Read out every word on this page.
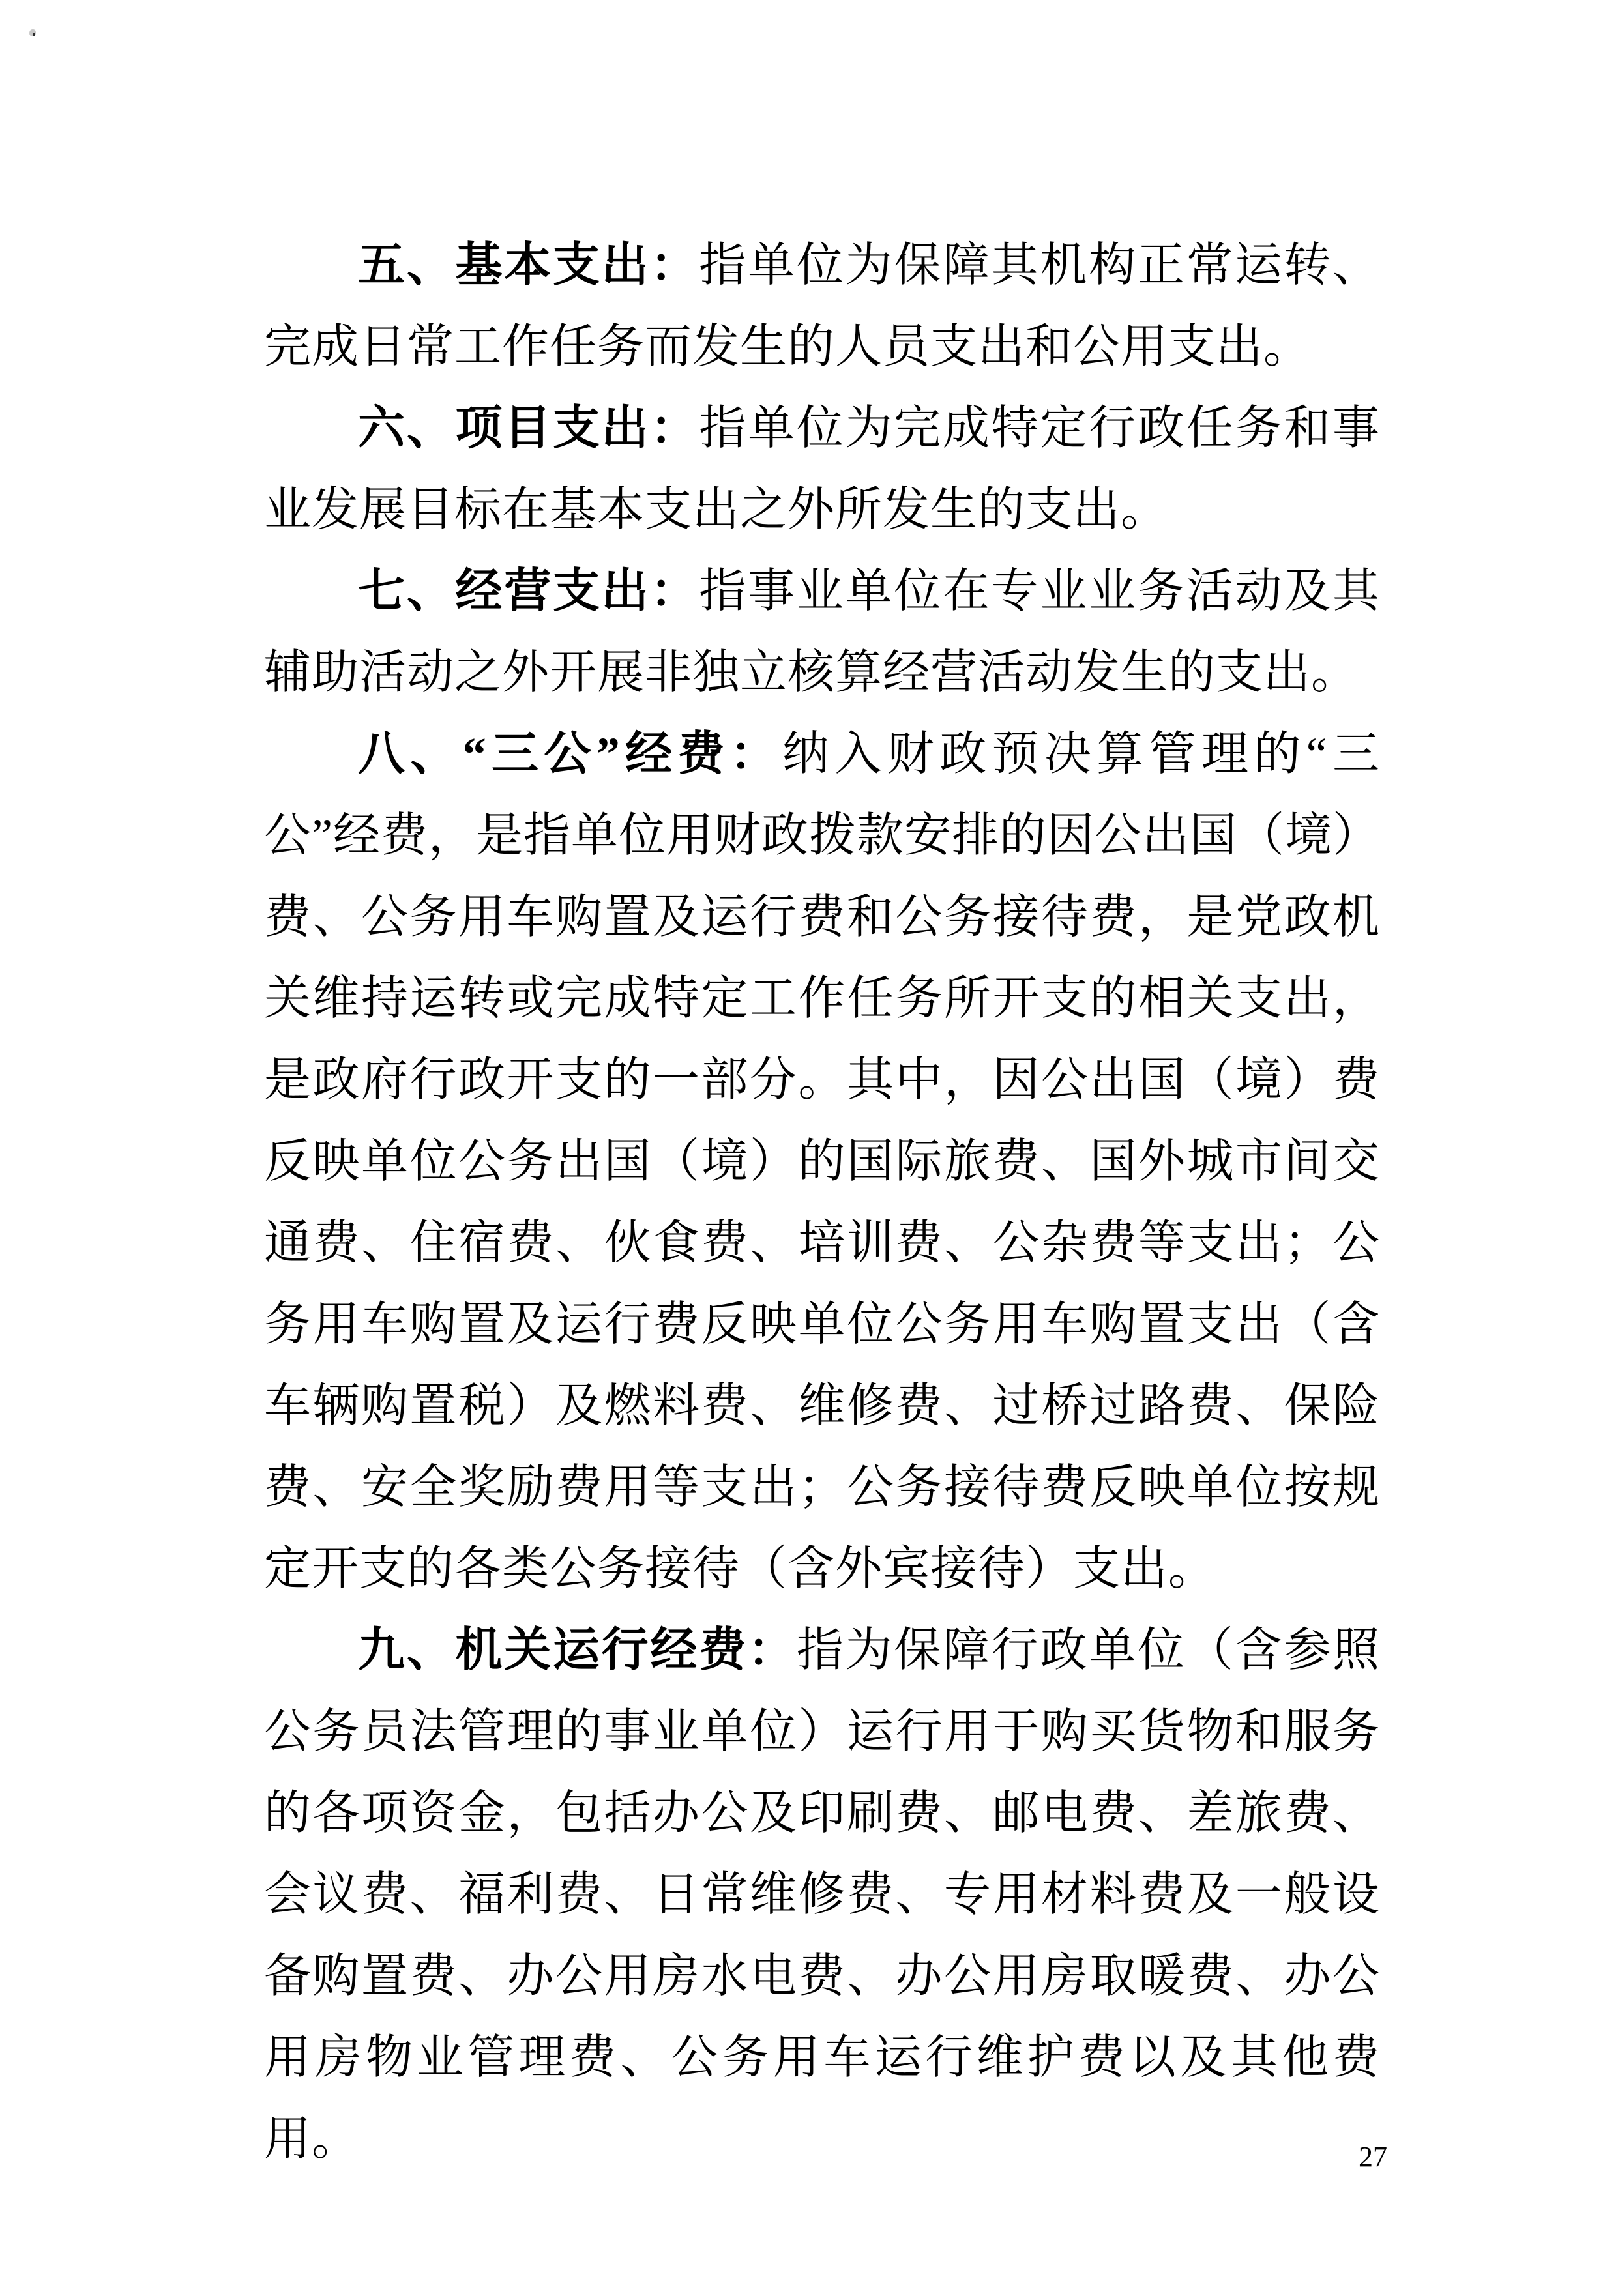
五、基本支出：指单位为保障其机构正常运转、完成日常工作任务而发生的人员支出和公用支出。

六、项目支出：指单位为完成特定行政任务和事业发展目标在基本支出之外所发生的支出。

七、经营支出：指事业单位在专业业务活动及其辅助活动之外开展非独立核算经营活动发生的支出。

八、“三公”经费：纳入财政预决算管理的“三公”经费，是指单位用财政拨款安排的因公出国（境）费、公务用车购置及运行费和公务接待费，是党政机关维持运转或完成特定工作任务所开支的相关支出，是政府行政开支的一部分。其中，因公出国（境）费反映单位公务出国（境）的国际旅费、国外城市间交通费、住宿费、伙食费、培训费、公杂费等支出；公务用车购置及运行费反映单位公务用车购置支出（含车辆购置税）及燃料费、维修费、过桥过路费、保险费、安全奖励费用等支出；公务接待费反映单位按规定开支的各类公务接待（含外宾接待）支出。

九、机关运行经费：指为保障行政单位（含参照公务员法管理的事业单位）运行用于购买货物和服务的各项资金，包括办公及印刷费、邮电费、差旅费、会议费、福利费、日常维修费、专用材料费及一般设备购置费、办公用房水电费、办公用房取暖费、办公用房物业管理费、公务用车运行维护费以及其他费用。	27
